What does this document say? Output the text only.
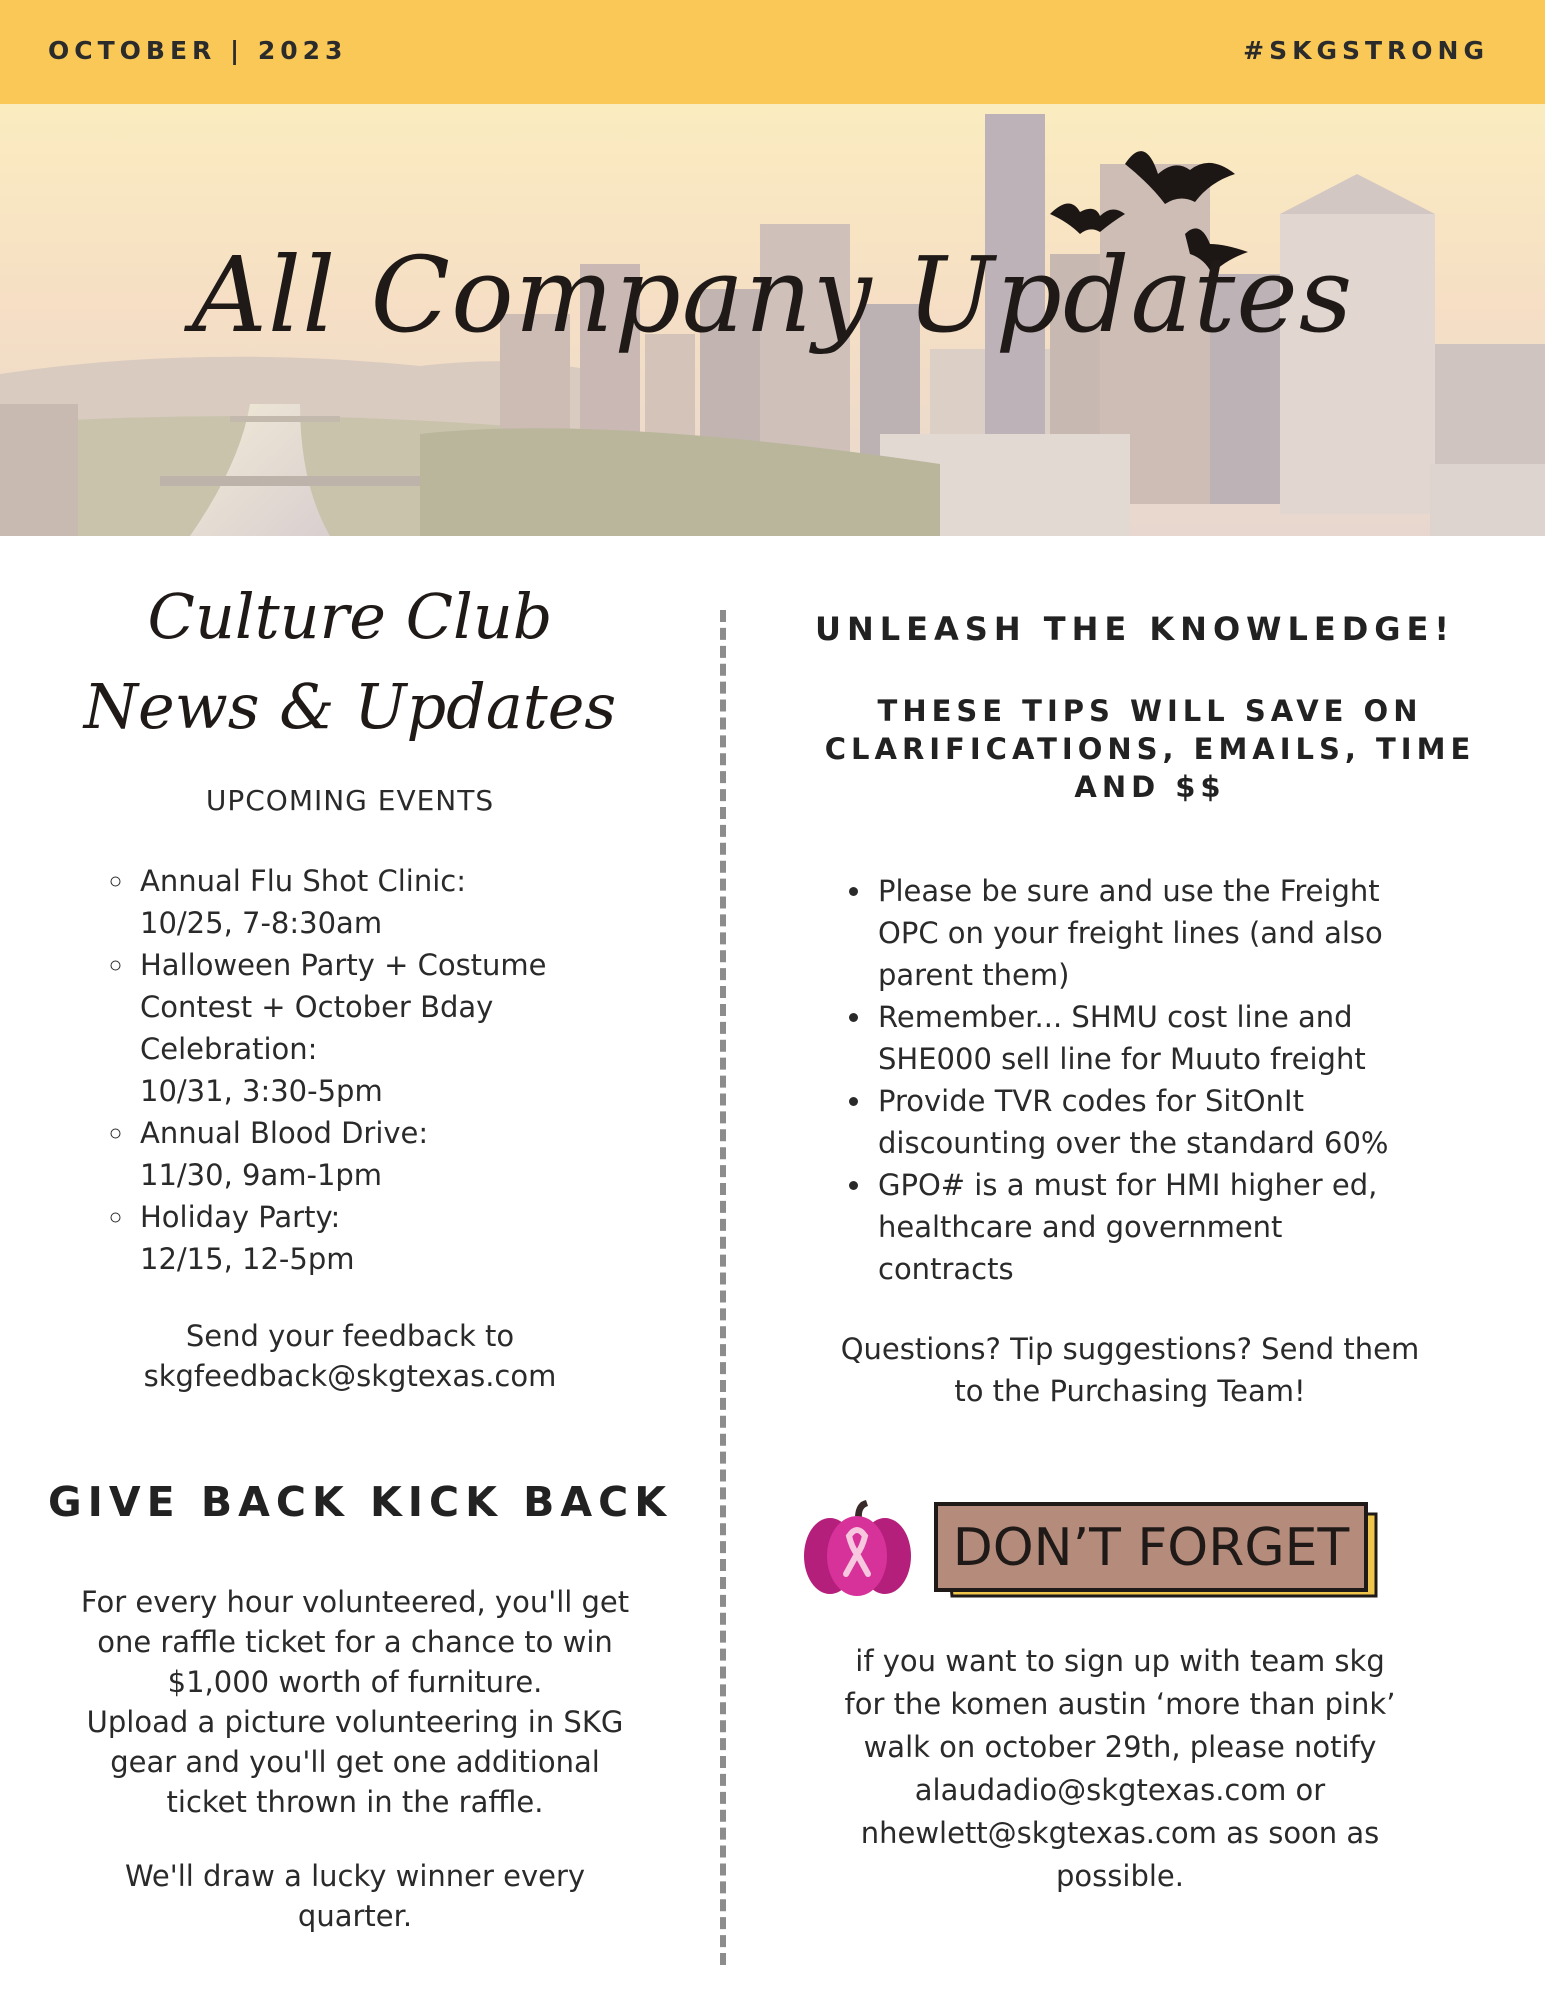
OCTOBER | 2023	#SKGSTRONG
All Company Updates
Culture Club
News & Updates
UPCOMING EVENTS
◦ Annual Flu Shot Clinic:
10/25, 7-8:30am
◦ Halloween Party + Costume
Contest + October Bday
Celebration:
10/31, 3:30-5pm
◦ Annual Blood Drive:
11/30, 9am-1pm
◦ Holiday Party:
12/15, 12-5pm
Send your feedback to
skgfeedback@skgtexas.com
GIVE BACK KICK BACK
For every hour volunteered, you'll get
one raffle ticket for a chance to win
$1,000 worth of furniture.
Upload a picture volunteering in SKG
gear and you'll get one additional
ticket thrown in the raffle.
We'll draw a lucky winner every
quarter.
UNLEASH THE KNOWLEDGE!
THESE TIPS WILL SAVE ON
CLARIFICATIONS, EMAILS, TIME
AND $$
• Please be sure and use the Freight
OPC on your freight lines (and also
parent them)
• Remember... SHMU cost line and
SHE000 sell line for Muuto freight
• Provide TVR codes for SitOnIt
discounting over the standard 60%
• GPO# is a must for HMI higher ed,
healthcare and government
contracts
Questions? Tip suggestions? Send them
to the Purchasing Team!
DON’T FORGET
if you want to sign up with team skg
for the komen austin ‘more than pink’
walk on october 29th, please notify
alaudadio@skgtexas.com or
nhewlett@skgtexas.com as soon as
possible.
